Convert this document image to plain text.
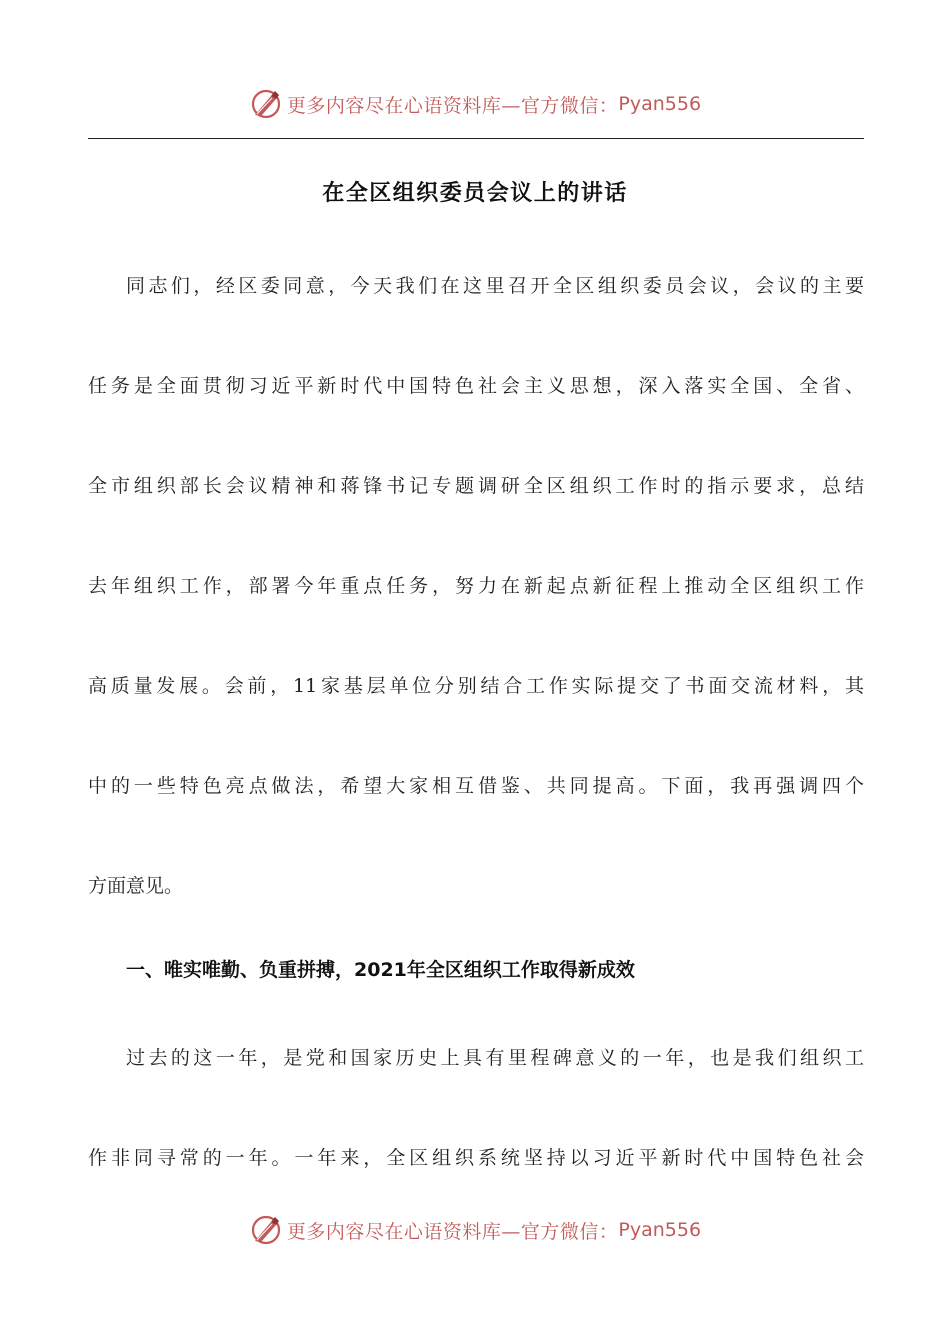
更多内容尽在心语资料库—官方微信： Pyan556
在全区组织委员会议上的讲话
同志们，经区委同意，今天我们在这里召开全区组织委员会议，会议的主要
任务是全面贯彻习近平新时代中国特色社会主义思想，深入落实全国、全省、
全市组织部长会议精神和蒋锋书记专题调研全区组织工作时的指示要求，总结
去年组织工作，部署今年重点任务，努力在新起点新征程上推动全区组织工作
高质量发展。会前，11家基层单位分别结合工作实际提交了书面交流材料，其
中的一些特色亮点做法，希望大家相互借鉴、共同提高。下面，我再强调四个
方面意见。
一、唯实唯勤、负重拼搏，2021年全区组织工作取得新成效
过去的这一年，是党和国家历史上具有里程碑意义的一年，也是我们组织工
作非同寻常的一年。一年来，全区组织系统坚持以习近平新时代中国特色社会
更多内容尽在心语资料库—官方微信： Pyan556
